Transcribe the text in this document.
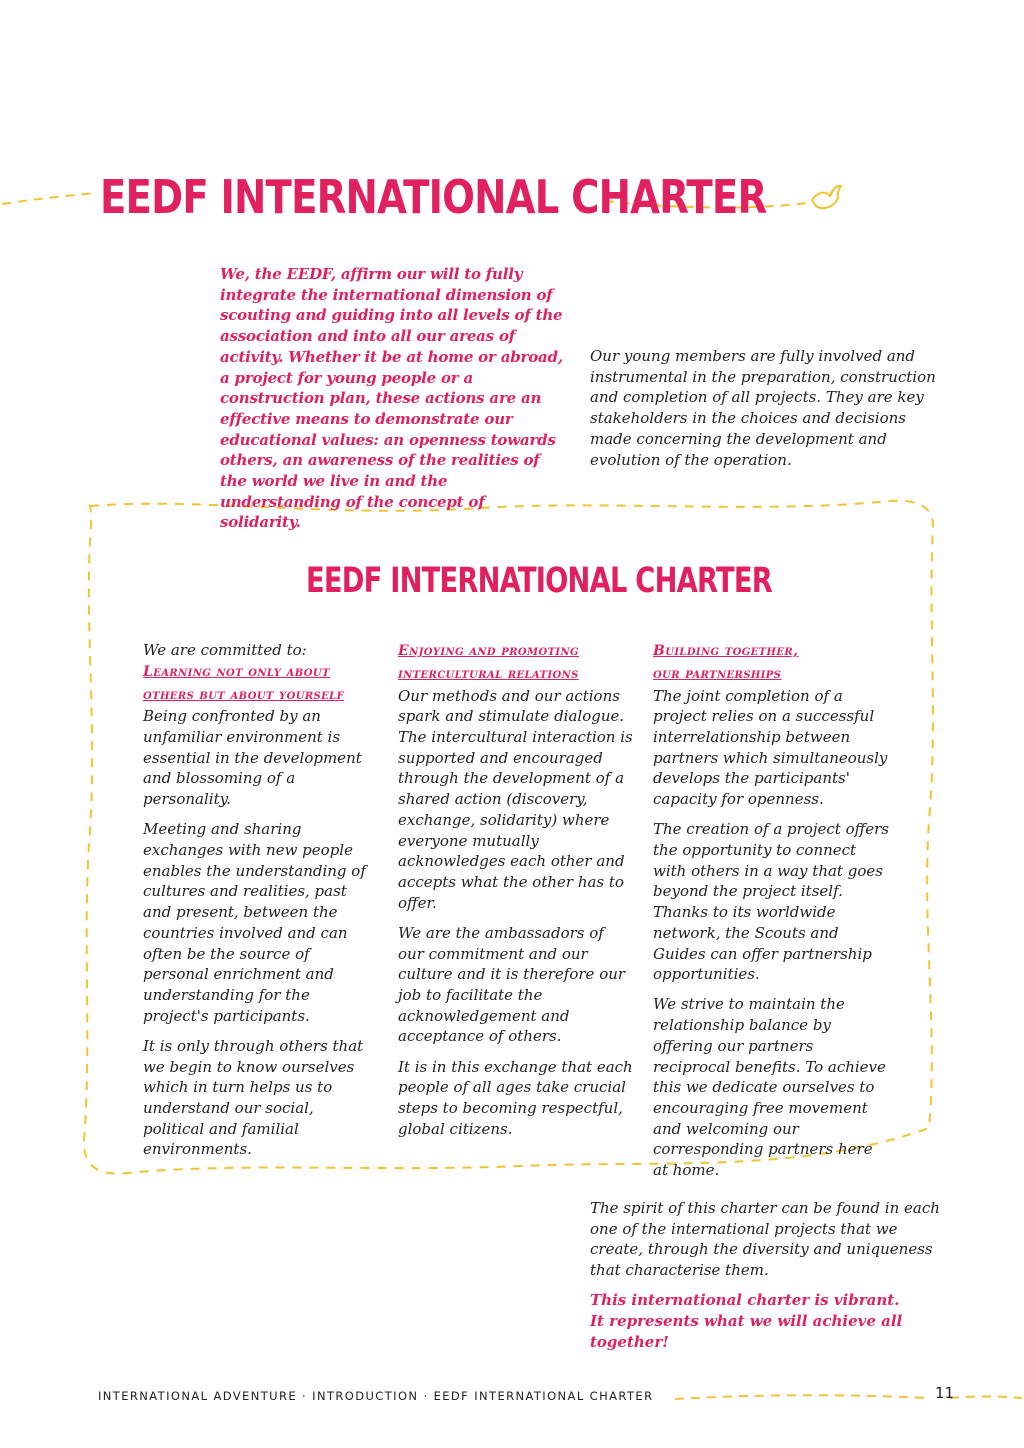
EEDF INTERNATIONAL CHARTER

We, the EEDF, affirm our will to fully integrate the international dimension of scouting and guiding into all levels of the association and into all our areas of activity. Whether it be at home or abroad, a project for young people or a construction plan, these actions are an effective means to demonstrate our educational values: an openness towards others, an awareness of the realities of the world we live in and the understanding of the concept of solidarity.

Our young members are fully involved and instrumental in the preparation, construction and completion of all projects. They are key stakeholders in the choices and decisions made concerning the development and evolution of the operation.

EEDF INTERNATIONAL CHARTER

We are committed to:

Learning not only about
others but about yourself

Being confronted by an unfamiliar environment is essential in the development and blossoming of a personality.

Meeting and sharing exchanges with new people enables the understanding of cultures and realities, past and present, between the countries involved and can often be the source of personal enrichment and understanding for the project's participants.

It is only through others that we begin to know ourselves which in turn helps us to understand our social, political and familial environments.

Enjoying and promoting
intercultural relations

Our methods and our actions spark and stimulate dialogue. The intercultural interaction is supported and encouraged through the development of a shared action (discovery, exchange, solidarity) where everyone mutually acknowledges each other and accepts what the other has to offer.

We are the ambassadors of our commitment and our culture and it is therefore our job to facilitate the acknowledgement and acceptance of others.

It is in this exchange that each people of all ages take crucial steps to becoming respectful, global citizens.

Building together,
our partnerships

The joint completion of a project relies on a successful interrelationship between partners which simultaneously develops the participants' capacity for openness.

The creation of a project offers the opportunity to connect with others in a way that goes beyond the project itself. Thanks to its worldwide network, the Scouts and Guides can offer partnership opportunities.

We strive to maintain the relationship balance by offering our partners reciprocal benefits. To achieve this we dedicate ourselves to encouraging free movement and welcoming our corresponding partners here at home.

The spirit of this charter can be found in each one of the international projects that we create, through the diversity and uniqueness that characterise them.

This international charter is vibrant.

It represents what we will achieve all together!

INTERNATIONAL ADVENTURE · INTRODUCTION · EEDF INTERNATIONAL CHARTER	11
